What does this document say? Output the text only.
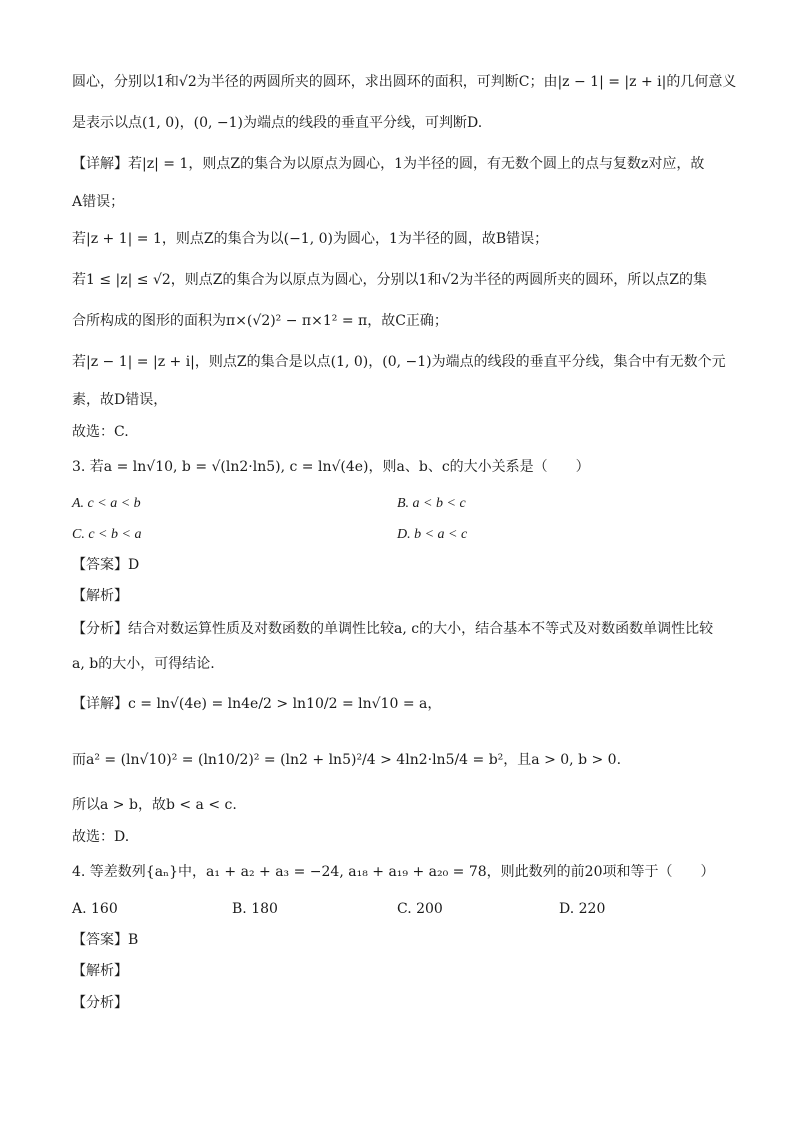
圆心，分别以1和√2为半径的两圆所夹的圆环，求出圆环的面积，可判断C；由|z − 1| = |z + i|的几何意义
是表示以点(1, 0)，(0, −1)为端点的线段的垂直平分线，可判断D.
【详解】若|z| = 1，则点Z的集合为以原点为圆心，1为半径的圆，有无数个圆上的点与复数z对应，故
A错误；
若|z + 1| = 1，则点Z的集合为以(−1, 0)为圆心，1为半径的圆，故B错误；
若1 ≤ |z| ≤ √2，则点Z的集合为以原点为圆心，分别以1和√2为半径的两圆所夹的圆环，所以点Z的集
合所构成的图形的面积为π×(√2)² − π×1² = π，故C正确；
若|z − 1| = |z + i|，则点Z的集合是以点(1, 0)，(0, −1)为端点的线段的垂直平分线，集合中有无数个元
素，故D错误，
故选：C.
3. 若a = ln√10, b = √(ln2·ln5), c = ln√(4e)，则a、b、c的大小关系是（　　）
A. c < a < b	B. a < b < c
C. c < b < a	D. b < a < c
【答案】D
【解析】
【分析】结合对数运算性质及对数函数的单调性比较a, c的大小，结合基本不等式及对数函数单调性比较
a, b的大小，可得结论.
【详解】c = ln√(4e) = ln4e/2 > ln10/2 = ln√10 = a，
而a² = (ln√10)² = (ln10/2)² = (ln2 + ln5)²/4 > 4ln2·ln5/4 = b²，且a > 0, b > 0.
所以a > b，故b < a < c.
故选：D.
4. 等差数列{aₙ}中，a₁ + a₂ + a₃ = −24, a₁₈ + a₁₉ + a₂₀ = 78，则此数列的前20项和等于（　　）
A. 160	B. 180	C. 200	D. 220
【答案】B
【解析】
【分析】
